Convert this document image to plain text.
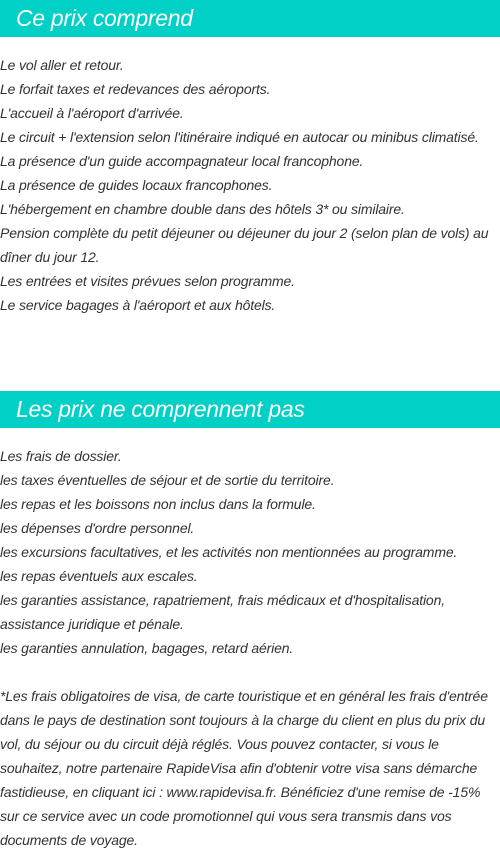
Ce prix comprend
Le vol aller et retour.
Le forfait taxes et redevances des aéroports.
L'accueil à l'aéroport d'arrivée.
Le circuit + l'extension selon l'itinéraire indiqué en autocar ou minibus climatisé.
La présence d'un guide accompagnateur local francophone.
La présence de guides locaux francophones.
L'hébergement en chambre double dans des hôtels 3* ou similaire.
Pension complète du petit déjeuner ou déjeuner du jour 2 (selon plan de vols) au dîner du jour 12.
Les entrées et visites prévues selon programme.
Le service bagages à l'aéroport et aux hôtels.
Les prix ne comprennent pas
Les frais de dossier.
les taxes éventuelles de séjour et de sortie du territoire.
les repas et les boissons non inclus dans la formule.
les dépenses d'ordre personnel.
les excursions facultatives, et les activités non mentionnées au programme.
les repas éventuels aux escales.
les garanties assistance, rapatriement, frais médicaux et d'hospitalisation, assistance juridique et pénale.
les garanties annulation, bagages, retard aérien.

*Les frais obligatoires de visa, de carte touristique et en général les frais d'entrée dans le pays de destination sont toujours à la charge du client en plus du prix du vol, du séjour ou du circuit déjà réglés. Vous pouvez contacter, si vous le souhaitez, notre partenaire RapideVisa afin d'obtenir votre visa sans démarche fastidieuse, en cliquant ici : www.rapidevisa.fr. Bénéficiez d'une remise de -15% sur ce service avec un code promotionnel qui vous sera transmis dans vos documents de voyage.
